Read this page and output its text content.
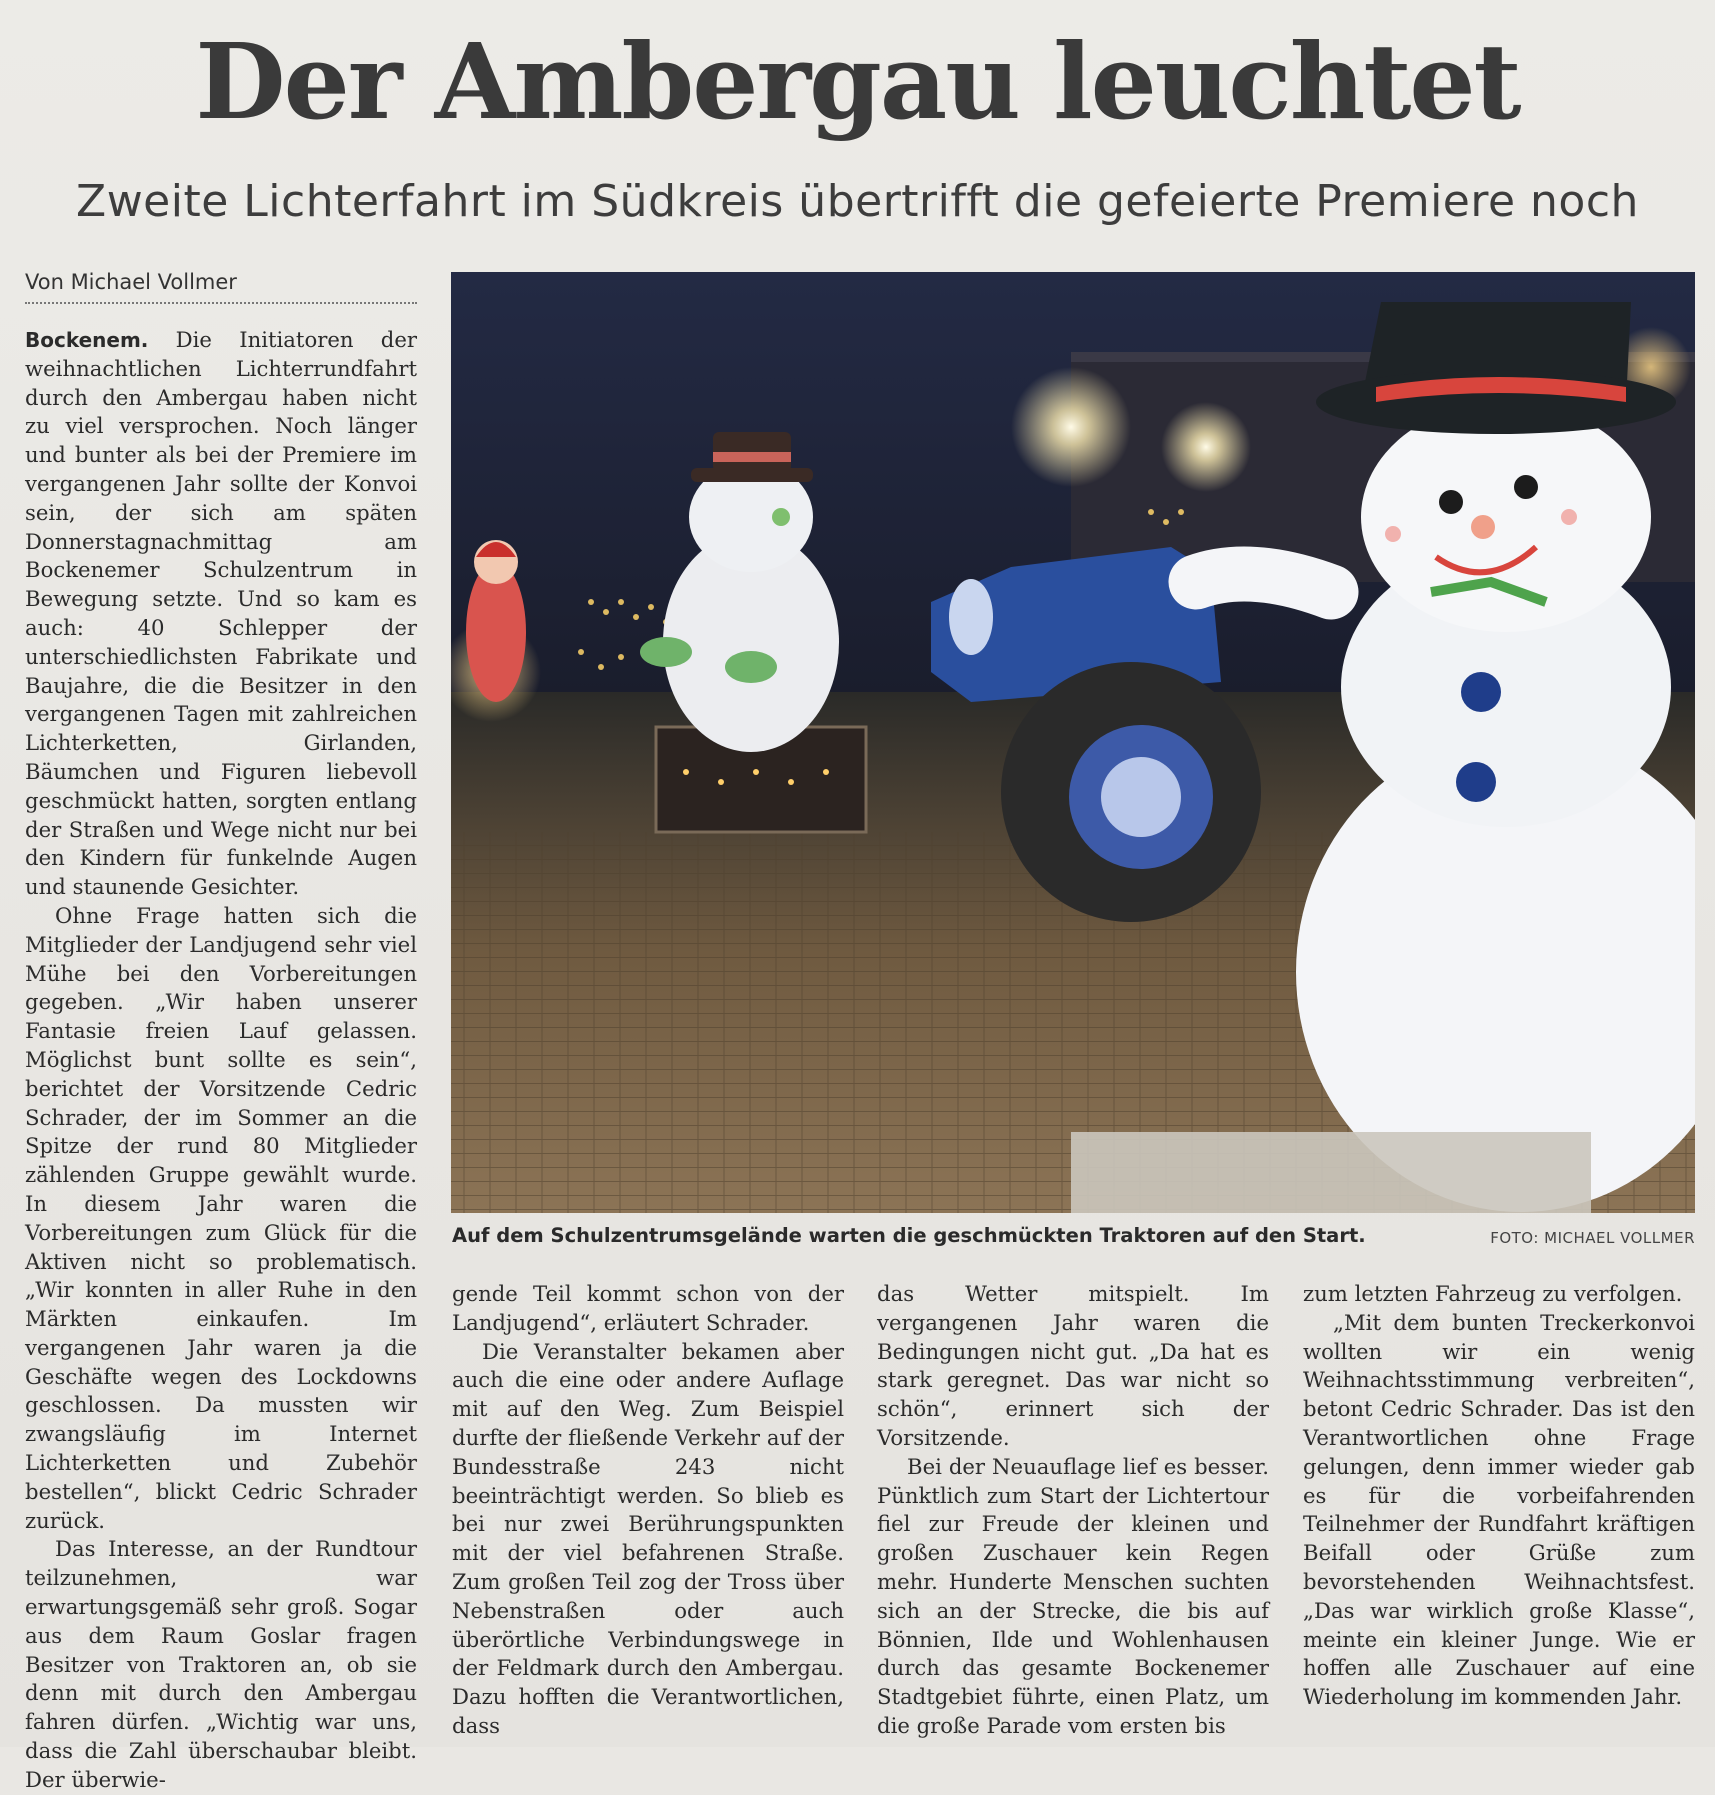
Der Ambergau leuchtet
Zweite Lichterfahrt im Südkreis übertrifft die gefeierte Premiere noch
Von Michael Vollmer

Bockenem. Die Initiatoren der weihnachtlichen Lichterrundfahrt durch den Ambergau haben nicht zu viel versprochen. Noch länger und bunter als bei der Premiere im vergangenen Jahr sollte der Konvoi sein, der sich am späten Donnerstagnachmittag am Bockenemer Schulzentrum in Bewegung setzte. Und so kam es auch: 40 Schlepper der unterschiedlichsten Fabrikate und Baujahre, die die Besitzer in den vergangenen Tagen mit zahlreichen Lichterketten, Girlanden, Bäumchen und Figuren liebevoll geschmückt hatten, sorgten entlang der Straßen und Wege nicht nur bei den Kindern für funkelnde Augen und staunende Gesichter.

Ohne Frage hatten sich die Mitglieder der Landjugend sehr viel Mühe bei den Vorbereitungen gegeben. „Wir haben unserer Fantasie freien Lauf gelassen. Möglichst bunt sollte es sein“, berichtet der Vorsitzende Cedric Schrader, der im Sommer an die Spitze der rund 80 Mitglieder zählenden Gruppe gewählt wurde. In diesem Jahr waren die Vorbereitungen zum Glück für die Aktiven nicht so problematisch. „Wir konnten in aller Ruhe in den Märkten einkaufen. Im vergangenen Jahr waren ja die Geschäfte wegen des Lockdowns geschlossen. Da mussten wir zwangsläufig im Internet Lichterketten und Zubehör bestellen“, blickt Cedric Schrader zurück.

Das Interesse, an der Rundtour teilzunehmen, war erwartungsgemäß sehr groß. Sogar aus dem Raum Goslar fragen Besitzer von Traktoren an, ob sie denn mit durch den Ambergau fahren dürfen. „Wichtig war uns, dass die Zahl überschaubar bleibt. Der überwie-

Auf dem Schulzentrumsgelände warten die geschmückten Traktoren auf den Start.	FOTO: MICHAEL VOLLMER

gende Teil kommt schon von der Landjugend“, erläutert Schrader.

Die Veranstalter bekamen aber auch die eine oder andere Auflage mit auf den Weg. Zum Beispiel durfte der fließende Verkehr auf der Bundesstraße 243 nicht beeinträchtigt werden. So blieb es bei nur zwei Berührungspunkten mit der viel befahrenen Straße. Zum großen Teil zog der Tross über Nebenstraßen oder auch überörtliche Verbindungswege in der Feldmark durch den Ambergau. Dazu hofften die Verantwortlichen, dass

das Wetter mitspielt. Im vergangenen Jahr waren die Bedingungen nicht gut. „Da hat es stark geregnet. Das war nicht so schön“, erinnert sich der Vorsitzende.

Bei der Neuauflage lief es besser. Pünktlich zum Start der Lichtertour fiel zur Freude der kleinen und großen Zuschauer kein Regen mehr. Hunderte Menschen suchten sich an der Strecke, die bis auf Bönnien, Ilde und Wohlenhausen durch das gesamte Bockenemer Stadtgebiet führte, einen Platz, um die große Parade vom ersten bis

zum letzten Fahrzeug zu verfolgen.

„Mit dem bunten Treckerkonvoi wollten wir ein wenig Weihnachtsstimmung verbreiten“, betont Cedric Schrader. Das ist den Verantwortlichen ohne Frage gelungen, denn immer wieder gab es für die vorbeifahrenden Teilnehmer der Rundfahrt kräftigen Beifall oder Grüße zum bevorstehenden Weihnachtsfest. „Das war wirklich große Klasse“, meinte ein kleiner Junge. Wie er hoffen alle Zuschauer auf eine Wiederholung im kommenden Jahr.
